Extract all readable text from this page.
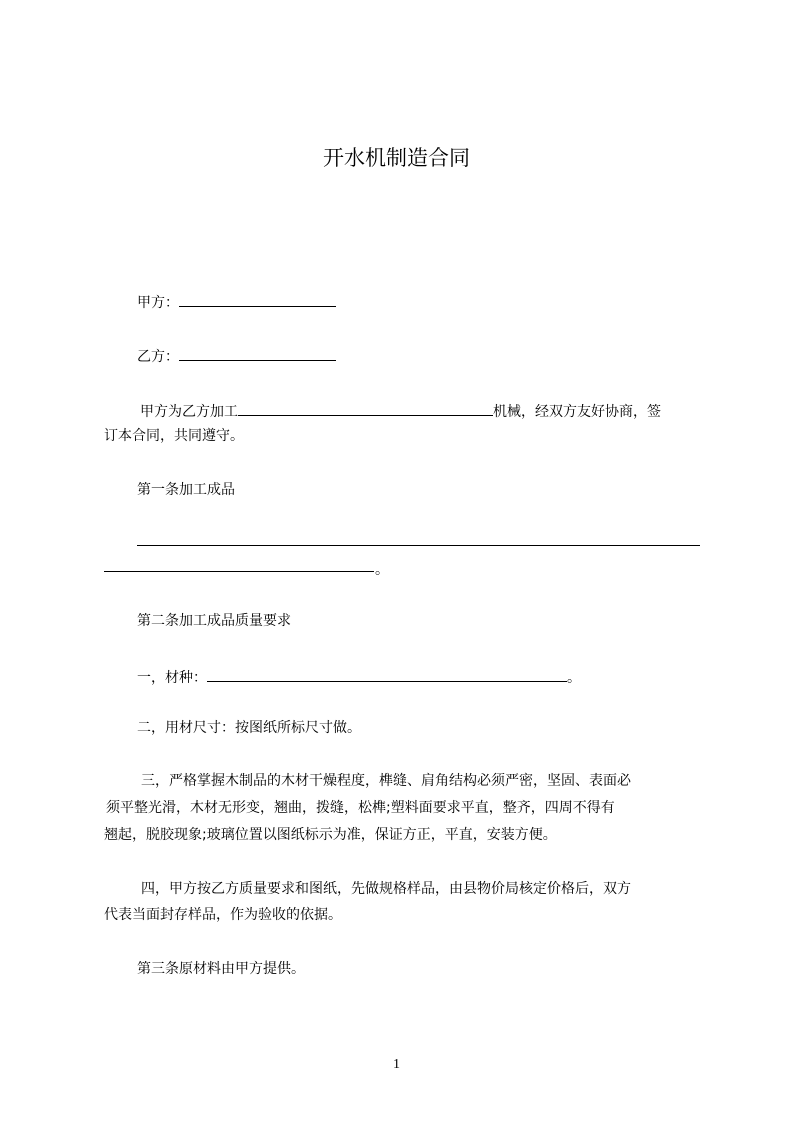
开水机制造合同
甲方：
乙方：
甲方为乙方加工	机械，经双方友好协商，签
订本合同，共同遵守。
第一条加工成品
。
第二条加工成品质量要求
一，材种：	。
二，用材尺寸：按图纸所标尺寸做。
三，严格掌握木制品的木材干燥程度，榫缝、肩角结构必须严密，坚固、表面必
须平整光滑，木材无形变，翘曲，拨缝，松榫;塑料面要求平直，整齐，四周不得有
翘起，脱胶现象;玻璃位置以图纸标示为准，保证方正，平直，安装方便。
四，甲方按乙方质量要求和图纸，先做规格样品，由县物价局核定价格后，双方
代表当面封存样品，作为验收的依据。
第三条原材料由甲方提供。
1
